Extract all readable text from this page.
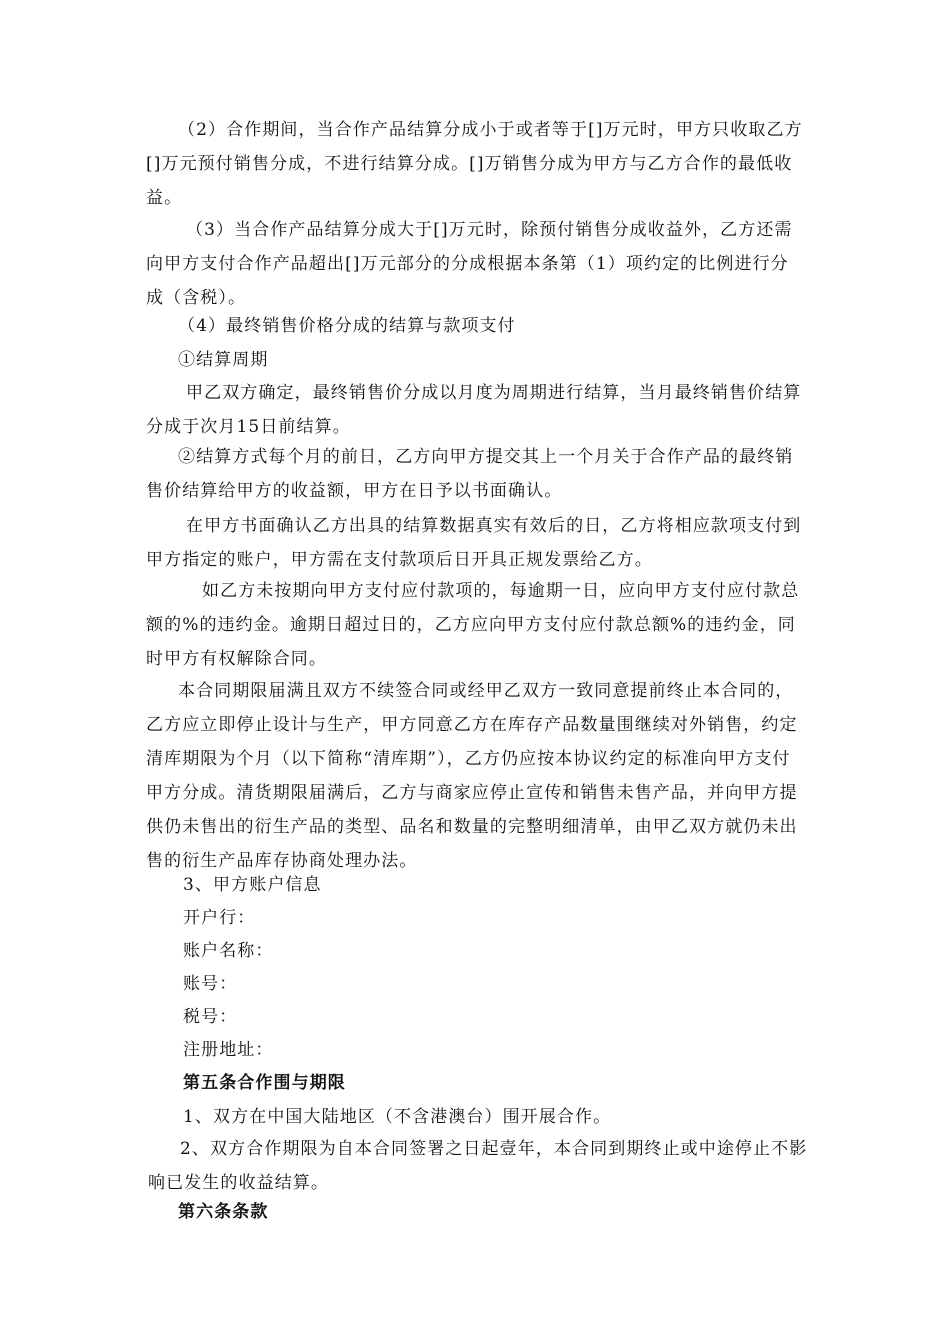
（2）合作期间，当合作产品结算分成小于或者等于[]万元时，甲方只收取乙方[]万元预付销售分成，不进行结算分成。[]万销售分成为甲方与乙方合作的最低收益。

（3）当合作产品结算分成大于[]万元时，除预付销售分成收益外，乙方还需向甲方支付合作产品超出[]万元部分的分成根据本条第（1）项约定的比例进行分成（含税）。

（4）最终销售价格分成的结算与款项支付

①结算周期

甲乙双方确定，最终销售价分成以月度为周期进行结算，当月最终销售价结算分成于次月15日前结算。

②结算方式每个月的前日，乙方向甲方提交其上一个月关于合作产品的最终销售价结算给甲方的收益额，甲方在日予以书面确认。

在甲方书面确认乙方出具的结算数据真实有效后的日，乙方将相应款项支付到甲方指定的账户，甲方需在支付款项后日开具正规发票给乙方。

如乙方未按期向甲方支付应付款项的，每逾期一日，应向甲方支付应付款总额的%的违约金。逾期日超过日的，乙方应向甲方支付应付款总额%的违约金，同时甲方有权解除合同。

本合同期限届满且双方不续签合同或经甲乙双方一致同意提前终止本合同的，乙方应立即停止设计与生产，甲方同意乙方在库存产品数量围继续对外销售，约定清库期限为个月（以下简称“清库期”），乙方仍应按本协议约定的标准向甲方支付甲方分成。清货期限届满后，乙方与商家应停止宣传和销售未售产品，并向甲方提供仍未售出的衍生产品的类型、品名和数量的完整明细清单，由甲乙双方就仍未出售的衍生产品库存协商处理办法。

3、甲方账户信息
开户行：
账户名称：
账号：
税号：
注册地址：
第五条合作围与期限
1、双方在中国大陆地区（不含港澳台）围开展合作。

2、双方合作期限为自本合同签署之日起壹年，本合同到期终止或中途停止不影响已发生的收益结算。

第六条条款
